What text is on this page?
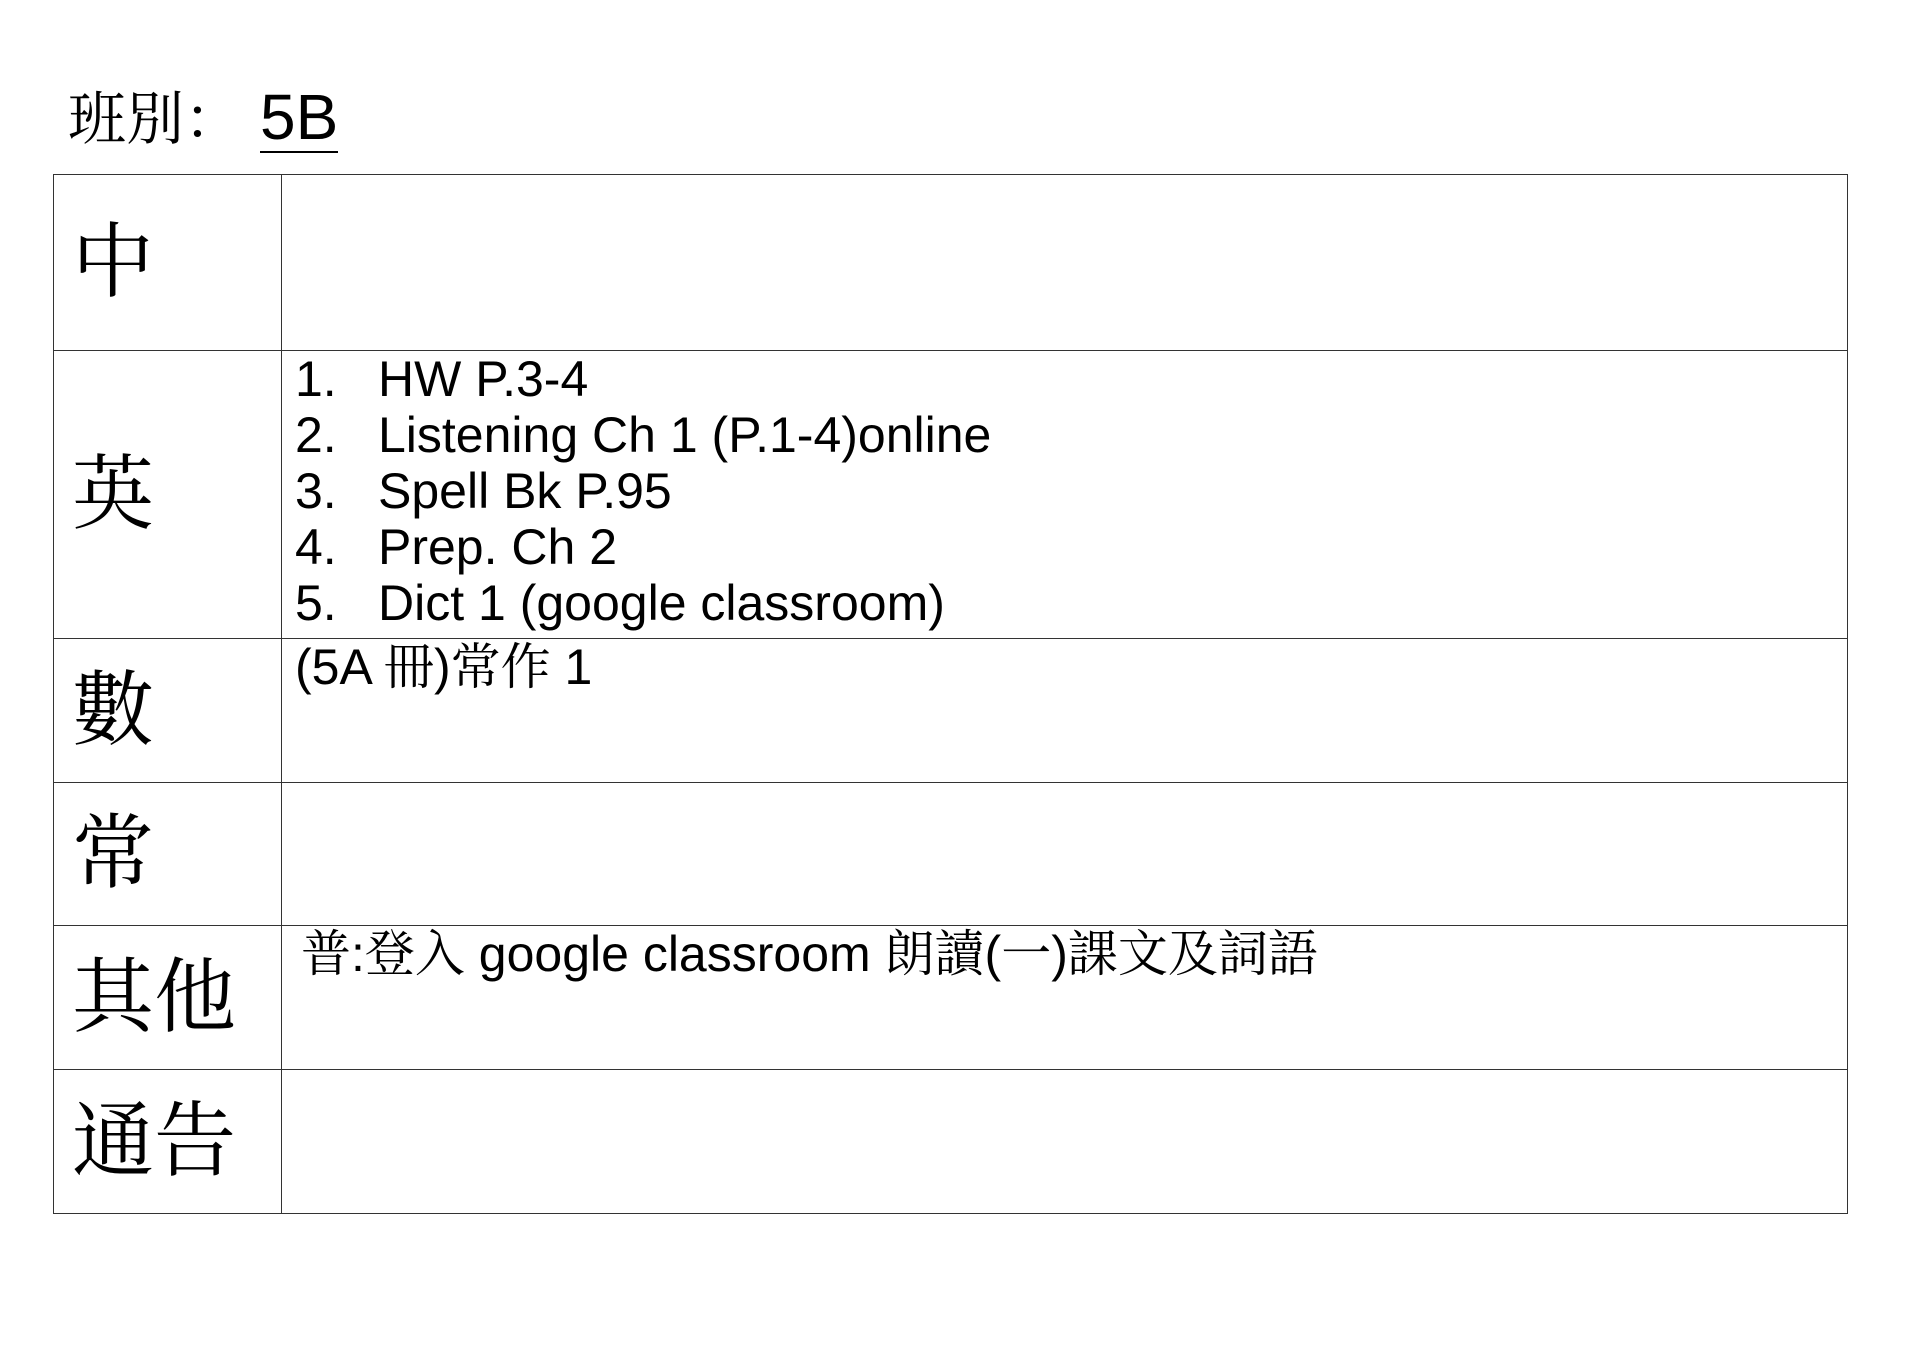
班別： 5B
中
英
1. HW P.3-4
2. Listening Ch 1 (P.1-4)online
3. Spell Bk P.95
4. Prep. Ch 2
5. Dict 1 (google classroom)
數	(5A 冊)常作 1
常
其他	普:登入 google classroom 朗讀(一)課文及詞語
通告
